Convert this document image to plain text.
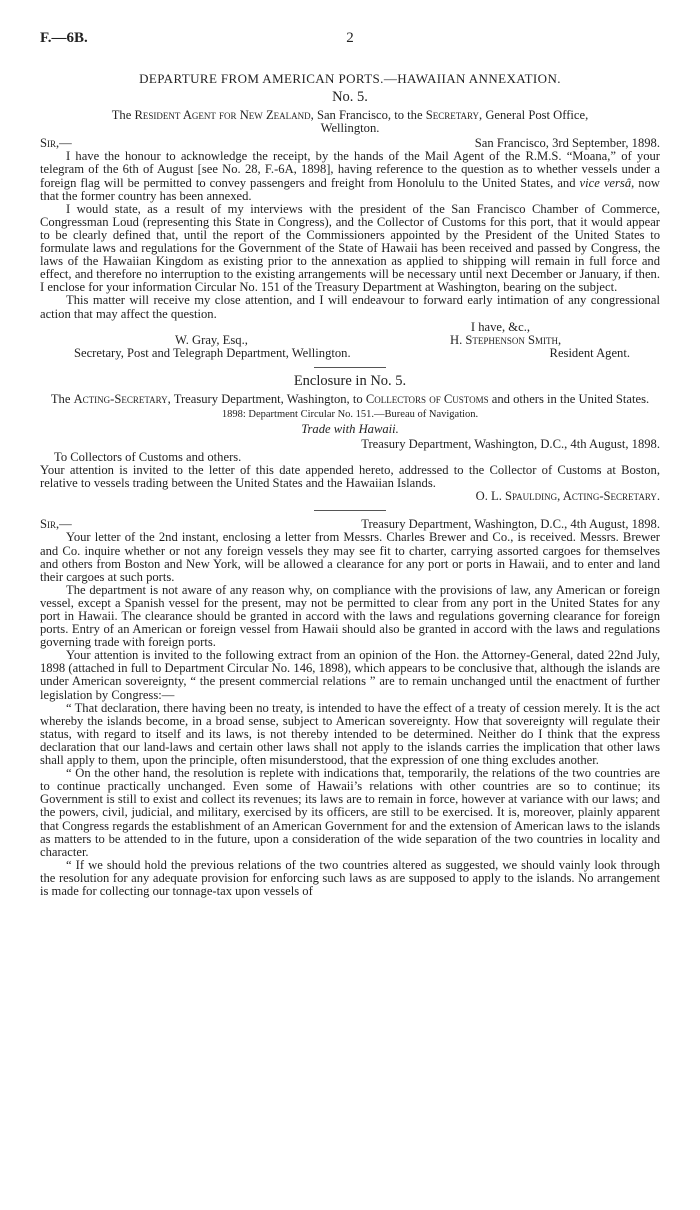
F.—6B.	2
DEPARTURE FROM AMERICAN PORTS.—HAWAIIAN ANNEXATION.
No. 5.
The Resident Agent for New Zealand, San Francisco, to the Secretary, General Post Office,
Wellington.
Sir,—	San Francisco, 3rd September, 1898.

I have the honour to acknowledge the receipt, by the hands of the Mail Agent of the R.M.S. “Moana,” of your telegram of the 6th of August [see No. 28, F.-6A, 1898], having reference to the question as to whether vessels under a foreign flag will be permitted to convey passengers and freight from Honolulu to the United States, and vice versâ, now that the former country has been annexed.

I would state, as a result of my interviews with the president of the San Francisco Chamber of Commerce, Congressman Loud (representing this State in Congress), and the Collector of Customs for this port, that it would appear to be clearly defined that, until the report of the Commissioners appointed by the President of the United States to formulate laws and regulations for the Government of the State of Hawaii has been received and passed by Congress, the laws of the Hawaiian Kingdom as existing prior to the annexation as applied to shipping will remain in full force and effect, and therefore no interruption to the existing arrangements will be necessary until next December or January, if then. I enclose for your information Circular No. 151 of the Treasury Department at Washington, bearing on the subject.

This matter will receive my close attention, and I will endeavour to forward early intimation of any congressional action that may affect the question.

I have, &c.,
W. Gray, Esq.,	H. Stephenson Smith,
Secretary, Post and Telegraph Department, Wellington.	Resident Agent.
Enclosure in No. 5.
The Acting-Secretary, Treasury Department, Washington, to Collectors of Customs and others in the United States.
1898: Department Circular No. 151.—Bureau of Navigation.
Trade with Hawaii.
Treasury Department, Washington, D.C., 4th August, 1898.

To Collectors of Customs and others.

Your attention is invited to the letter of this date appended hereto, addressed to the Collector of Customs at Boston, relative to vessels trading between the United States and the Hawaiian Islands.

O. L. Spaulding, Acting-Secretary.
Sir,—	Treasury Department, Washington, D.C., 4th August, 1898.

Your letter of the 2nd instant, enclosing a letter from Messrs. Charles Brewer and Co., is received. Messrs. Brewer and Co. inquire whether or not any foreign vessels they may see fit to charter, carrying assorted cargoes for themselves and others from Boston and New York, will be allowed a clearance for any port or ports in Hawaii, and to enter and land their cargoes at such ports.

The department is not aware of any reason why, on compliance with the provisions of law, any American or foreign vessel, except a Spanish vessel for the present, may not be permitted to clear from any port in the United States for any port in Hawaii. The clearance should be granted in accord with the laws and regulations governing clearance for foreign ports. Entry of an American or foreign vessel from Hawaii should also be granted in accord with the laws and regulations governing trade with foreign ports.

Your attention is invited to the following extract from an opinion of the Hon. the Attorney-General, dated 22nd July, 1898 (attached in full to Department Circular No. 146, 1898), which appears to be conclusive that, although the islands are under American sovereignty, “ the present commercial relations ” are to remain unchanged until the enactment of further legislation by Congress:—

“ That declaration, there having been no treaty, is intended to have the effect of a treaty of cession merely. It is the act whereby the islands become, in a broad sense, subject to American sovereignty. How that sovereignty will regulate their status, with regard to itself and its laws, is not thereby intended to be determined. Neither do I think that the express declaration that our land-laws and certain other laws shall not apply to the islands carries the implication that other laws shall apply to them, upon the principle, often misunderstood, that the expression of one thing excludes another.

“ On the other hand, the resolution is replete with indications that, temporarily, the relations of the two countries are to continue practically unchanged. Even some of Hawaii’s relations with other countries are so to continue; its Government is still to exist and collect its revenues; its laws are to remain in force, however at variance with our laws; and the powers, civil, judicial, and military, exercised by its officers, are still to be exercised. It is, moreover, plainly apparent that Congress regards the establishment of an American Government for and the extension of American laws to the islands as matters to be attended to in the future, upon a consideration of the wide separation of the two countries in locality and character.

“ If we should hold the previous relations of the two countries altered as suggested, we should vainly look through the resolution for any adequate provision for enforcing such laws as are supposed to apply to the islands. No arrangement is made for collecting our tonnage-tax upon vessels of
